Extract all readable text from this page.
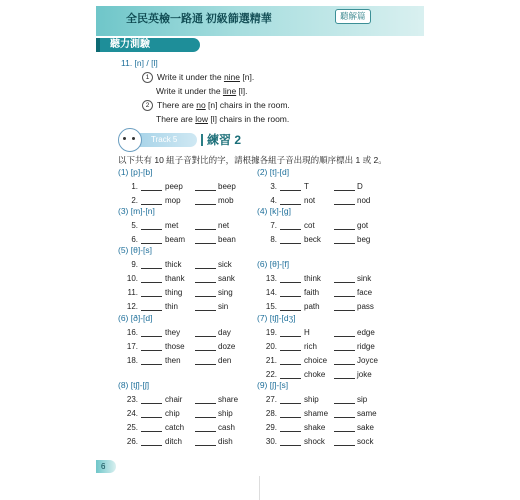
全民英檢一路通 初級篩選精華	聽解篇
聽力測驗
11. [n] / [l]
1 Write it under the nine [n].
Write it under the line [l].
2 There are no [n] chairs in the room.
There are low [l] chairs in the room.
Track 5	練習 2
以下共有 10 組子音對比的字，請根據各組子音出現的順序標出 1 或 2。
(1) [p]-[b]
1.	peep	beep
2.	mop	mob
(2) [t]-[d]
3.	T	D
4.	not	nod
(3) [m]-[n]
5.	met	net
6.	beam	bean
(4) [k]-[g]
7.	cot	got
8.	beck	beg
(5) [θ]-[s]
9.	thick	sick
10.	thank	sank
11.	thing	sing
12.	thin	sin
(6) [θ]-[f]
13.	think	sink
14.	faith	face
15.	path	pass
(6) [ð]-[d]
16.	they	day
17.	those	doze
18.	then	den
(7) [tʃ]-[dʒ]
19.	H	edge
20.	rich	ridge
21.	choice	Joyce
22.	choke	joke
(8) [tʃ]-[ʃ]
23.	chair	share
24.	chip	ship
25.	catch	cash
26.	ditch	dish
(9) [ʃ]-[s]
27.	ship	sip
28.	shame	same
29.	shake	sake
30.	shock	sock
6
